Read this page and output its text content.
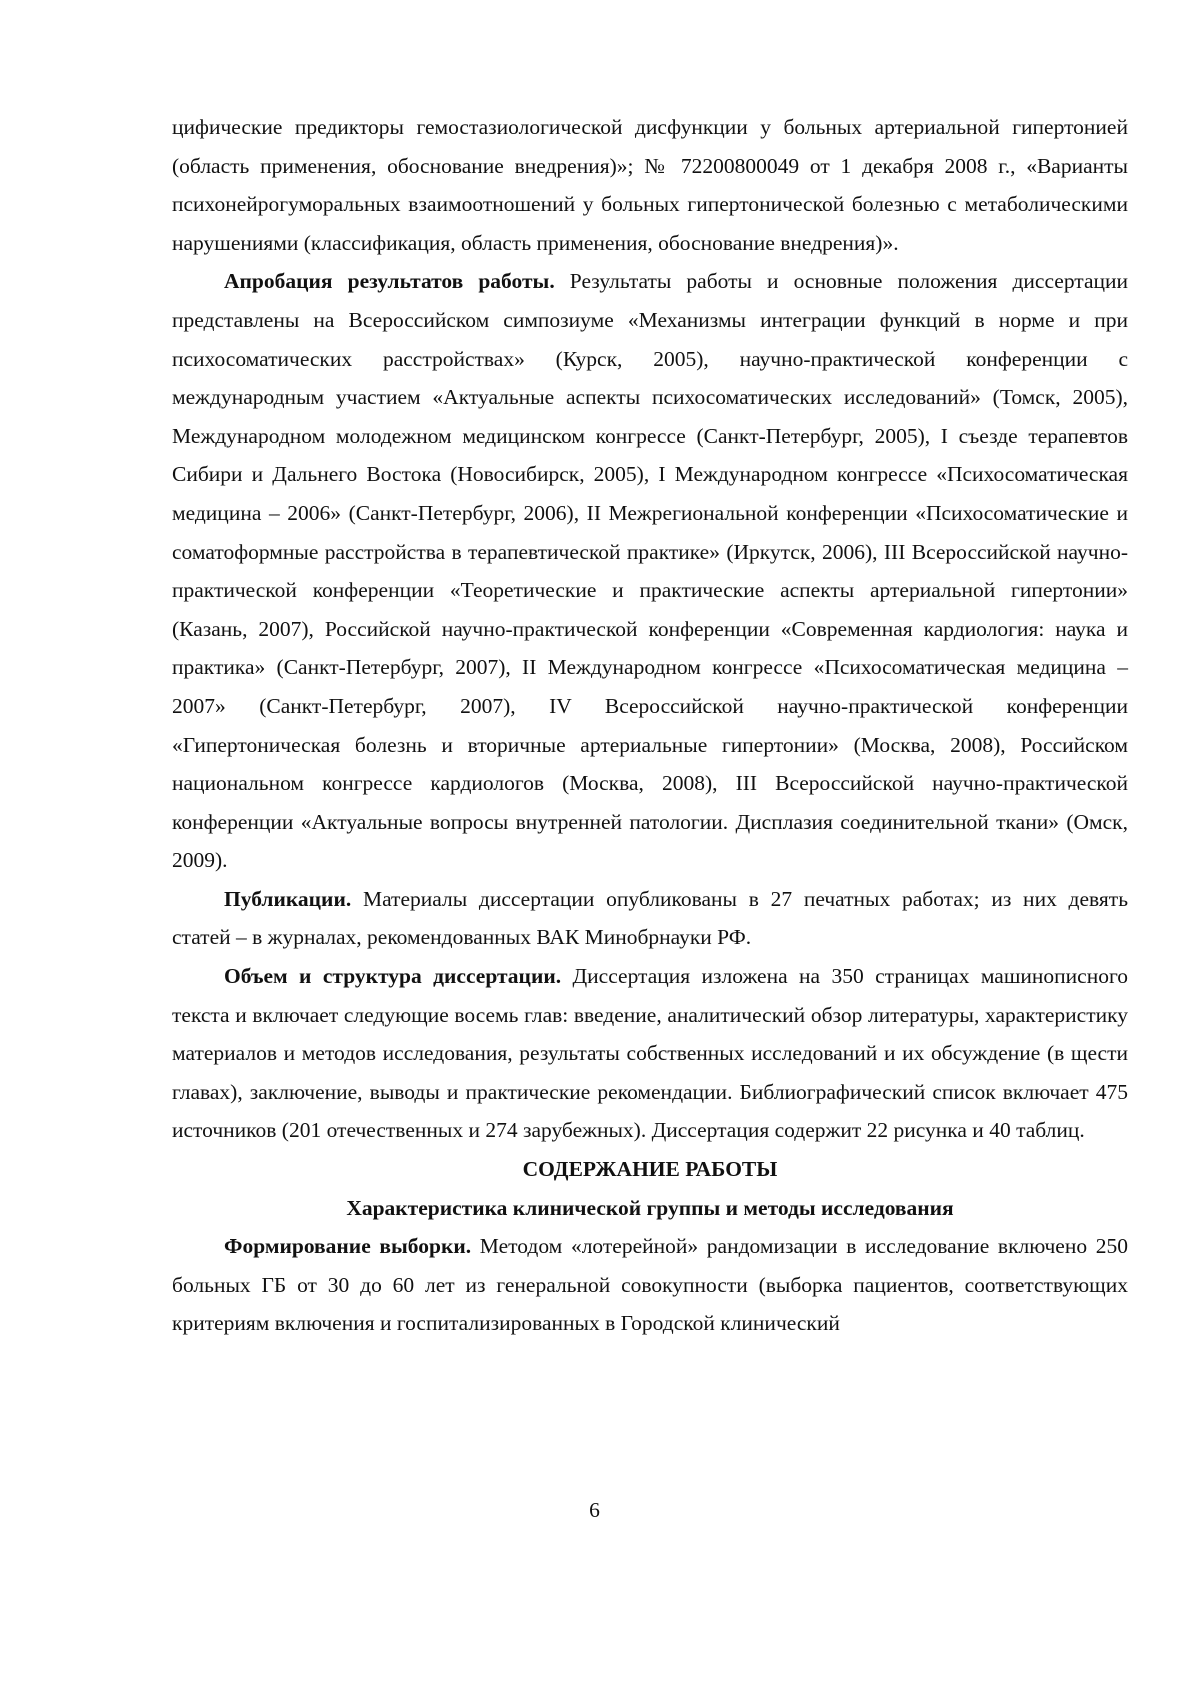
цифические предикторы гемостазиологической дисфункции у больных артериальной гипертонией (область применения, обоснование внедрения)»; № 72200800049 от 1 декабря 2008 г., «Варианты психонейрогуморальных взаимоотношений у больных гипертонической болезнью с метаболическими нарушениями (классификация, область применения, обоснование внедрения)».

Апробация результатов работы. Результаты работы и основные положения диссертации представлены на Всероссийском симпозиуме «Механизмы интеграции функций в норме и при психосоматических расстройствах» (Курск, 2005), научно-практической конференции с международным участием «Актуальные аспекты психосоматических исследований» (Томск, 2005), Международном молодежном медицинском конгрессе (Санкт-Петербург, 2005), I съезде терапевтов Сибири и Дальнего Востока (Новосибирск, 2005), I Международном конгрессе «Психосоматическая медицина – 2006» (Санкт-Петербург, 2006), II Межрегиональной конференции «Психосоматические и соматоформные расстройства в терапевтической практике» (Иркутск, 2006), III Всероссийской научно-практической конференции «Теоретические и практические аспекты артериальной гипертонии» (Казань, 2007), Российской научно-практической конференции «Современная кардиология: наука и практика» (Санкт-Петербург, 2007), II Международном конгрессе «Психосоматическая медицина – 2007» (Санкт-Петербург, 2007), IV Всероссийской научно-практической конференции «Гипертоническая болезнь и вторичные артериальные гипертонии» (Москва, 2008), Российском национальном конгрессе кардиологов (Москва, 2008), III Всероссийской научно-практической конференции «Актуальные вопросы внутренней патологии. Дисплазия соединительной ткани» (Омск, 2009).

Публикации. Материалы диссертации опубликованы в 27 печатных работах; из них девять статей – в журналах, рекомендованных ВАК Минобрнауки РФ.

Объем и структура диссертации. Диссертация изложена на 350 страницах машинописного текста и включает следующие восемь глав: введение, аналитический обзор литературы, характеристику материалов и методов исследования, результаты собственных исследований и их обсуждение (в щести главах), заключение, выводы и практические рекомендации. Библиографический список включает 475 источников (201 отечественных и 274 зарубежных). Диссертация содержит 22 рисунка и 40 таблиц.

СОДЕРЖАНИЕ РАБОТЫ

Характеристика клинической группы и методы исследования

Формирование выборки. Методом «лотерейной» рандомизации в исследование включено 250 больных ГБ от 30 до 60 лет из генеральной совокупности (выборка пациентов, соответствующих критериям включения и госпитализированных в Городской клинический

6
